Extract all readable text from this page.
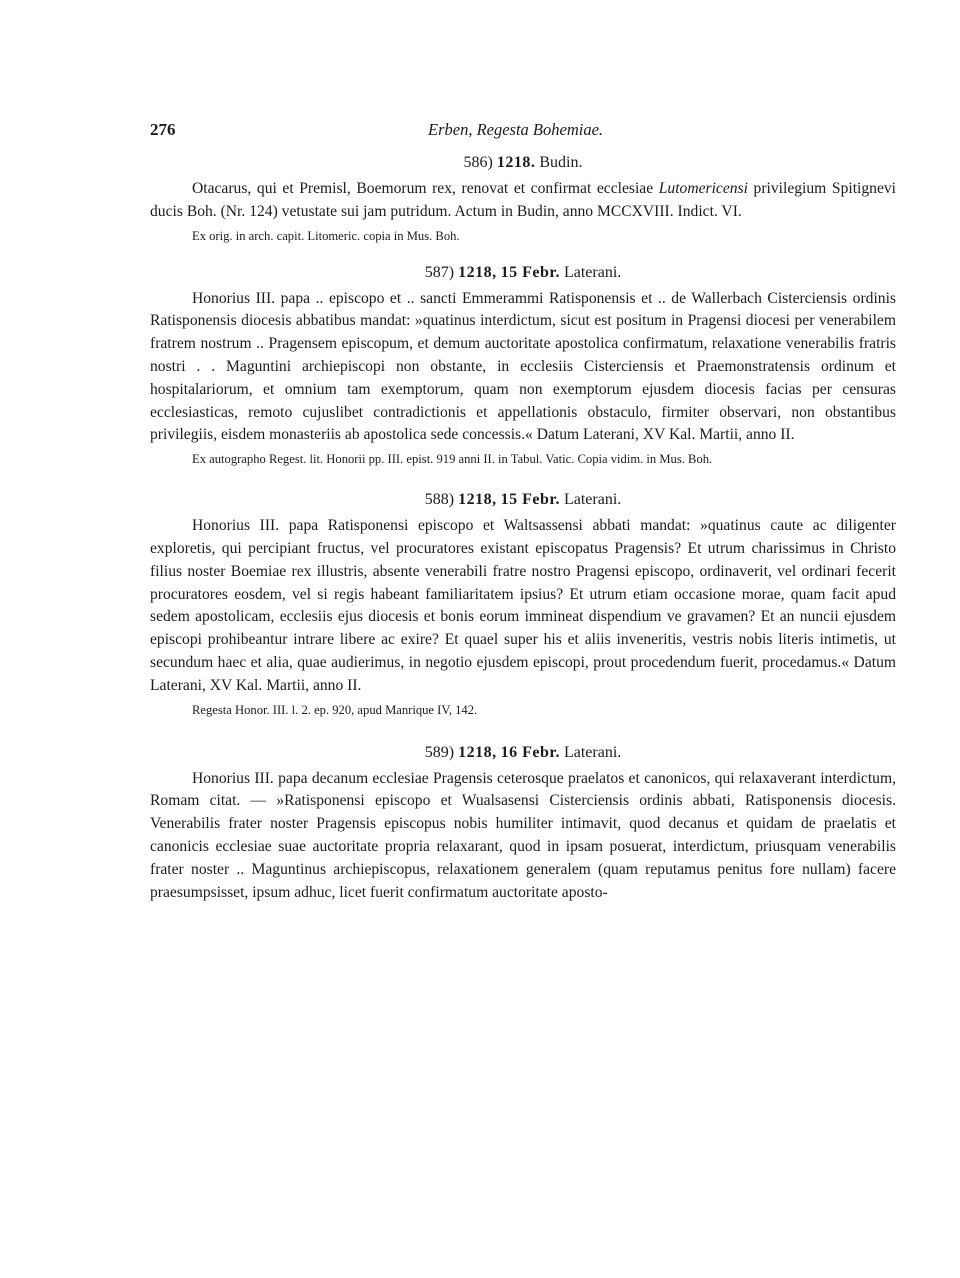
276	Erben, Regesta Bohemiae.
586) 1218. Budin.

Otacarus, qui et Premisl, Boemorum rex, renovat et confirmat ecclesiae Lutomericensi privilegium Spitignevi ducis Boh. (Nr. 124) vetustate sui jam putridum. Actum in Budin, anno MCCXVIII. Indict. VI.

Ex orig. in arch. capit. Litomeric. copia in Mus. Boh.

587) 1218, 15 Febr. Laterani.

Honorius III. papa .. episcopo et .. sancti Emmerammi Ratisponensis et .. de Wallerbach Cisterciensis ordinis Ratisponensis diocesis abbatibus mandat: »quatinus interdictum, sicut est positum in Pragensi diocesi per venerabilem fratrem nostrum .. Pragensem episcopum, et demum auctoritate apostolica confirmatum, relaxatione venerabilis fratris nostri . . Maguntini archiepiscopi non obstante, in ecclesiis Cisterciensis et Praemonstratensis ordinum et hospitalariorum, et omnium tam exemptorum, quam non exemptorum ejusdem diocesis facias per censuras ecclesiasticas, remoto cujuslibet contradictionis et appellationis obstaculo, firmiter observari, non obstantibus privilegiis, eisdem monasteriis ab apostolica sede concessis.« Datum Laterani, XV Kal. Martii, anno II.

Ex autographo Regest. lit. Honorii pp. III. epist. 919 anni II. in Tabul. Vatic. Copia vidim. in Mus. Boh.

588) 1218, 15 Febr. Laterani.

Honorius III. papa Ratisponensi episcopo et Waltsassensi abbati mandat: »quatinus caute ac diligenter exploretis, qui percipiant fructus, vel procuratores existant episcopatus Pragensis? Et utrum charissimus in Christo filius noster Boemiae rex illustris, absente venerabili fratre nostro Pragensi episcopo, ordinaverit, vel ordinari fecerit procuratores eosdem, vel si regis habeant familiaritatem ipsius? Et utrum etiam occasione morae, quam facit apud sedem apostolicam, ecclesiis ejus diocesis et bonis eorum immineat dispendium ve gravamen? Et an nuncii ejusdem episcopi prohibeantur intrare libere ac exire? Et quael super his et aliis inveneritis, vestris nobis literis intimetis, ut secundum haec et alia, quae audierimus, in negotio ejusdem episcopi, prout procedendum fuerit, procedamus.« Datum Laterani, XV Kal. Martii, anno II.

Regesta Honor. III. l. 2. ep. 920, apud Manrique IV, 142.

589) 1218, 16 Febr. Laterani.

Honorius III. papa decanum ecclesiae Pragensis ceterosque praelatos et canonicos, qui relaxaverant interdictum, Romam citat. — »Ratisponensi episcopo et Wualsasensi Cisterciensis ordinis abbati, Ratisponensis diocesis. Venerabilis frater noster Pragensis episcopus nobis humiliter intimavit, quod decanus et quidam de praelatis et canonicis ecclesiae suae auctoritate propria relaxarant, quod in ipsam posuerat, interdictum, priusquam venerabilis frater noster .. Maguntinus archiepiscopus, relaxationem generalem (quam reputamus penitus fore nullam) facere praesumpsisset, ipsum adhuc, licet fuerit confirmatum auctoritate aposto-
